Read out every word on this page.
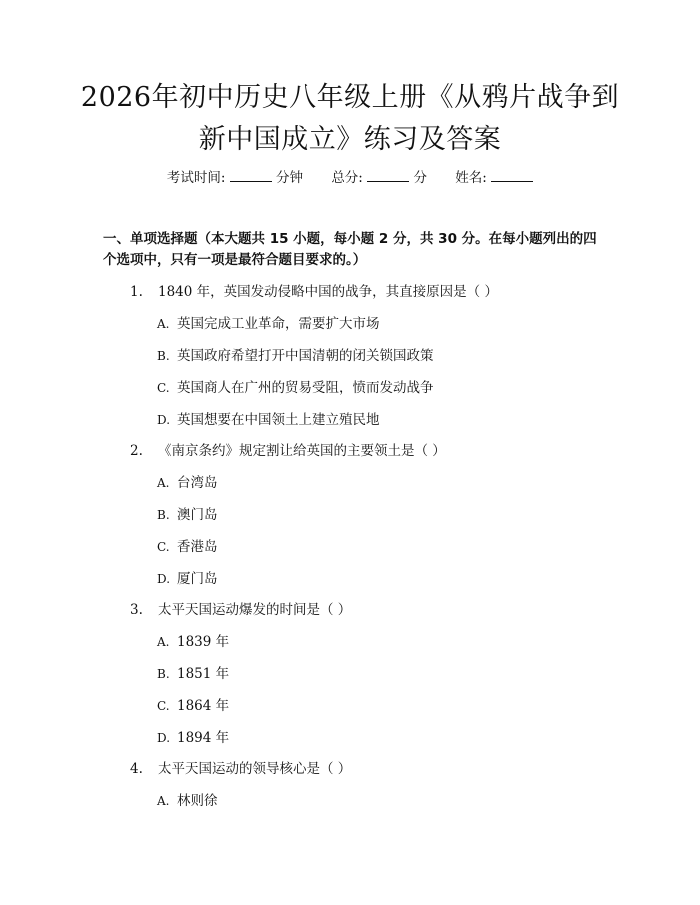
2026年初中历史八年级上册《从鸦片战争到
新中国成立》练习及答案
考试时间:	分钟 总分:	分 姓名:
一、单项选择题（本大题共 15 小题，每小题 2 分，共 30 分。在每小题列出的四个选项中，只有一项是最符合题目要求的。）
1. 1840 年，英国发动侵略中国的战争，其直接原因是（ ）
A. 英国完成工业革命，需要扩大市场
B. 英国政府希望打开中国清朝的闭关锁国政策
C. 英国商人在广州的贸易受阻，愤而发动战争
D. 英国想要在中国领土上建立殖民地
2. 《南京条约》规定割让给英国的主要领土是（ ）
A. 台湾岛
B. 澳门岛
C. 香港岛
D. 厦门岛
3. 太平天国运动爆发的时间是（ ）
A. 1839 年
B. 1851 年
C. 1864 年
D. 1894 年
4. 太平天国运动的领导核心是（ ）
A. 林则徐
